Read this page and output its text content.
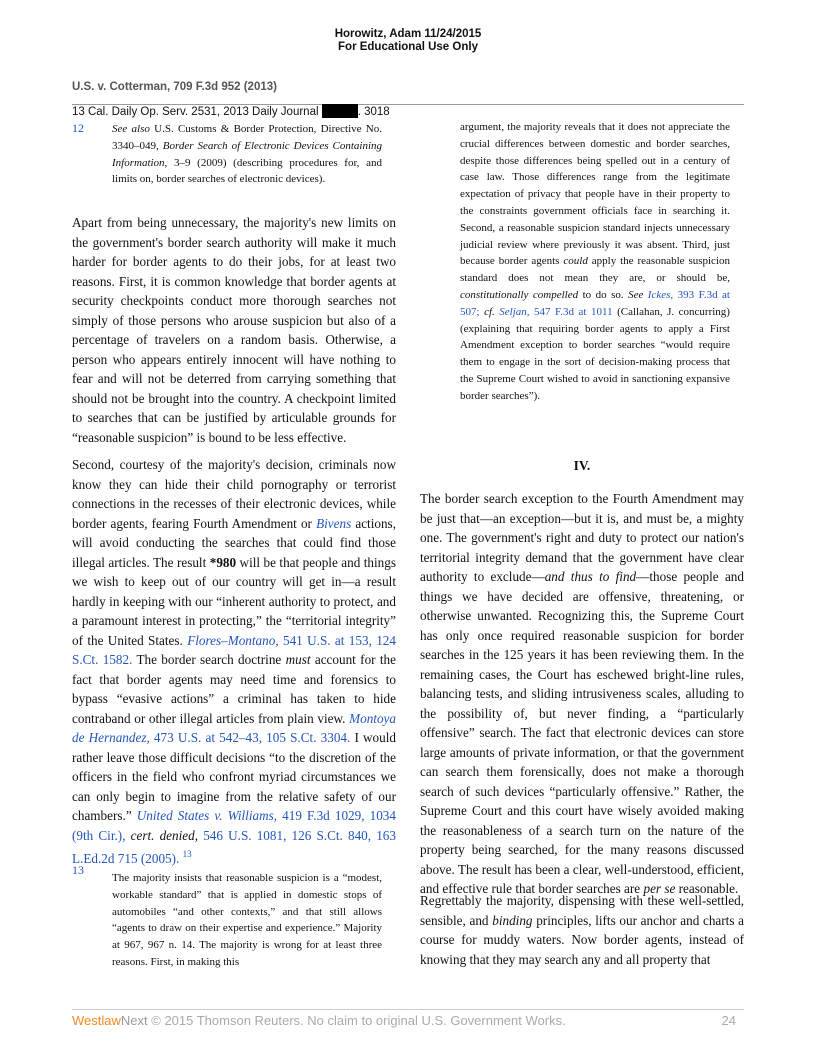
Horowitz, Adam 11/24/2015
For Educational Use Only
U.S. v. Cotterman, 709 F.3d 952 (2013)
13 Cal. Daily Op. Serv. 2531, 2013 Daily Journal	. 3018
12	See also U.S. Customs & Border Protection, Directive No. 3340–049, Border Search of Electronic Devices Containing Information, 3–9 (2009) (describing procedures for, and limits on, border searches of electronic devices).

Apart from being unnecessary, the majority's new limits on the government's border search authority will make it much harder for border agents to do their jobs, for at least two reasons. First, it is common knowledge that border agents at security checkpoints conduct more thorough searches not simply of those persons who arouse suspicion but also of a percentage of travelers on a random basis. Otherwise, a person who appears entirely innocent will have nothing to fear and will not be deterred from carrying something that should not be brought into the country. A checkpoint limited to searches that can be justified by articulable grounds for “reasonable suspicion” is bound to be less effective.

Second, courtesy of the majority's decision, criminals now know they can hide their child pornography or terrorist connections in the recesses of their electronic devices, while border agents, fearing Fourth Amendment or Bivens actions, will avoid conducting the searches that could find those illegal articles. The result *980 will be that people and things we wish to keep out of our country will get in—a result hardly in keeping with our “inherent authority to protect, and a paramount interest in protecting,” the “territorial integrity” of the United States. Flores–Montano, 541 U.S. at 153, 124 S.Ct. 1582. The border search doctrine must account for the fact that border agents may need time and forensics to bypass “evasive actions” a criminal has taken to hide contraband or other illegal articles from plain view. Montoya de Hernandez, 473 U.S. at 542–43, 105 S.Ct. 3304. I would rather leave those difficult decisions “to the discretion of the officers in the field who confront myriad circumstances we can only begin to imagine from the relative safety of our chambers.” United States v. Williams, 419 F.3d 1029, 1034 (9th Cir.), cert. denied, 546 U.S. 1081, 126 S.Ct. 840, 163 L.Ed.2d 715 (2005). $^{13}$

13

The majority insists that reasonable suspicion is a “modest, workable standard” that is applied in domestic stops of automobiles “and other contexts,” and that still allows “agents to draw on their expertise and experience.” Majority at 967, 967 n. 14. The majority is wrong for at least three reasons. First, in making this

argument, the majority reveals that it does not appreciate the crucial differences between domestic and border searches, despite those differences being spelled out in a century of case law. Those differences range from the legitimate expectation of privacy that people have in their property to the constraints government officials face in searching it. Second, a reasonable suspicion standard injects unnecessary judicial review where previously it was absent. Third, just because border agents could apply the reasonable suspicion standard does not mean they are, or should be, constitutionally compelled to do so. See Ickes, 393 F.3d at 507; cf. Seljan, 547 F.3d at 1011 (Callahan, J. concurring) (explaining that requiring border agents to apply a First Amendment exception to border searches “would require them to engage in the sort of decision-making process that the Supreme Court wished to avoid in sanctioning expansive border searches”).

IV.

The border search exception to the Fourth Amendment may be just that—an exception—but it is, and must be, a mighty one. The government's right and duty to protect our nation's territorial integrity demand that the government have clear authority to exclude—and thus to find—those people and things we have decided are offensive, threatening, or otherwise unwanted. Recognizing this, the Supreme Court has only once required reasonable suspicion for border searches in the 125 years it has been reviewing them. In the remaining cases, the Court has eschewed bright-line rules, balancing tests, and sliding intrusiveness scales, alluding to the possibility of, but never finding, a “particularly offensive” search. The fact that electronic devices can store large amounts of private information, or that the government can search them forensically, does not make a thorough search of such devices “particularly offensive.” Rather, the Supreme Court and this court have wisely avoided making the reasonableness of a search turn on the nature of the property being searched, for the many reasons discussed above. The result has been a clear, well-understood, efficient, and effective rule that border searches are per se reasonable.

Regrettably the majority, dispensing with these well-settled, sensible, and binding principles, lifts our anchor and charts a course for muddy waters. Now border agents, instead of knowing that they may search any and all property that

WestlawNext © 2015 Thomson Reuters. No claim to original U.S. Government Works.	24
